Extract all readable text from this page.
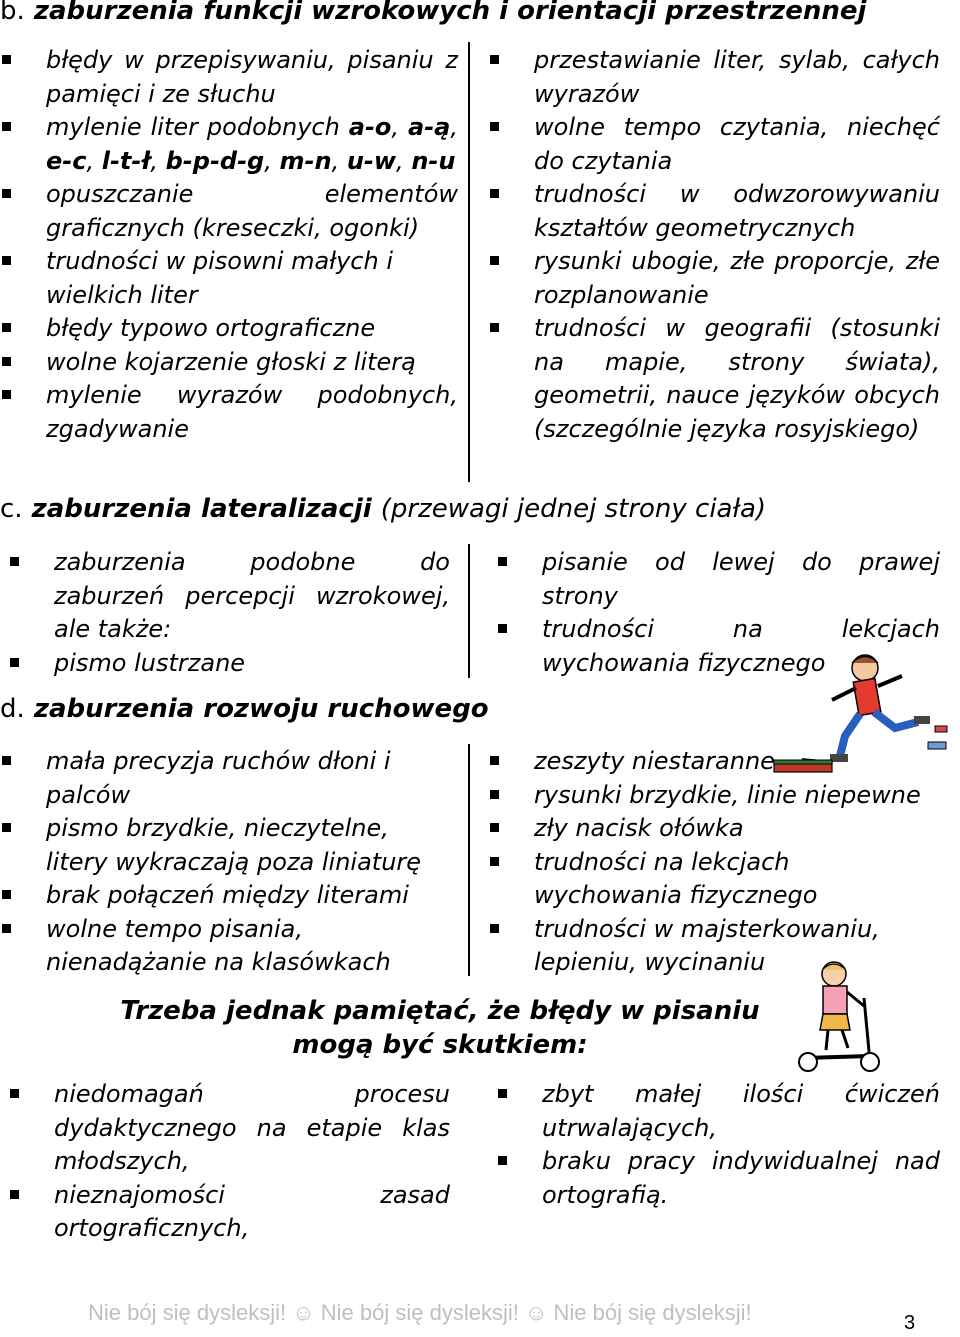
b. zaburzenia funkcji wzrokowych i orientacji przestrzennej
błędy w przepisywaniu, pisaniu z pamięci i ze słuchu
mylenie liter podobnych a-o, a-ą, e-c, l-t-ł, b-p-d-g, m-n, u-w, n-u
opuszczanie elementów graficznych (kreseczki, ogonki)
trudności w pisowni małych i wielkich liter
błędy typowo ortograficzne
wolne kojarzenie głoski z literą
mylenie wyrazów podobnych, zgadywanie
przestawianie liter, sylab, całych wyrazów
wolne tempo czytania, niechęć do czytania
trudności w odwzorowywaniu kształtów geometrycznych
rysunki ubogie, złe proporcje, złe rozplanowanie
trudności w geografii (stosunki na mapie, strony świata), geometrii, nauce języków obcych (szczególnie języka rosyjskiego)
c. zaburzenia lateralizacji (przewagi jednej strony ciała)
zaburzenia podobne do zaburzeń percepcji wzrokowej, ale także:
pismo lustrzane
pisanie od lewej do prawej strony
trudności na lekcjach wychowania fizycznego
d. zaburzenia rozwoju ruchowego
mała precyzja ruchów dłoni i palców
pismo brzydkie, nieczytelne, litery wykraczają poza liniaturę
brak połączeń między literami
wolne tempo pisania, nienadążanie na klasówkach
zeszyty niestaranne
rysunki brzydkie, linie niepewne
zły nacisk ołówka
trudności na lekcjach wychowania fizycznego
trudności w majsterkowaniu, lepieniu, wycinaniu
Trzeba jednak pamiętać, że błędy w pisaniu
mogą być skutkiem:
niedomagań procesu dydaktycznego na etapie klas młodszych,
nieznajomości zasad ortograficznych,
zbyt małej ilości ćwiczeń utrwalających,
braku pracy indywidualnej nad ortografią.
Nie bój się dysleksji! ☺ Nie bój się dysleksji! ☺ Nie bój się dysleksji!	3
